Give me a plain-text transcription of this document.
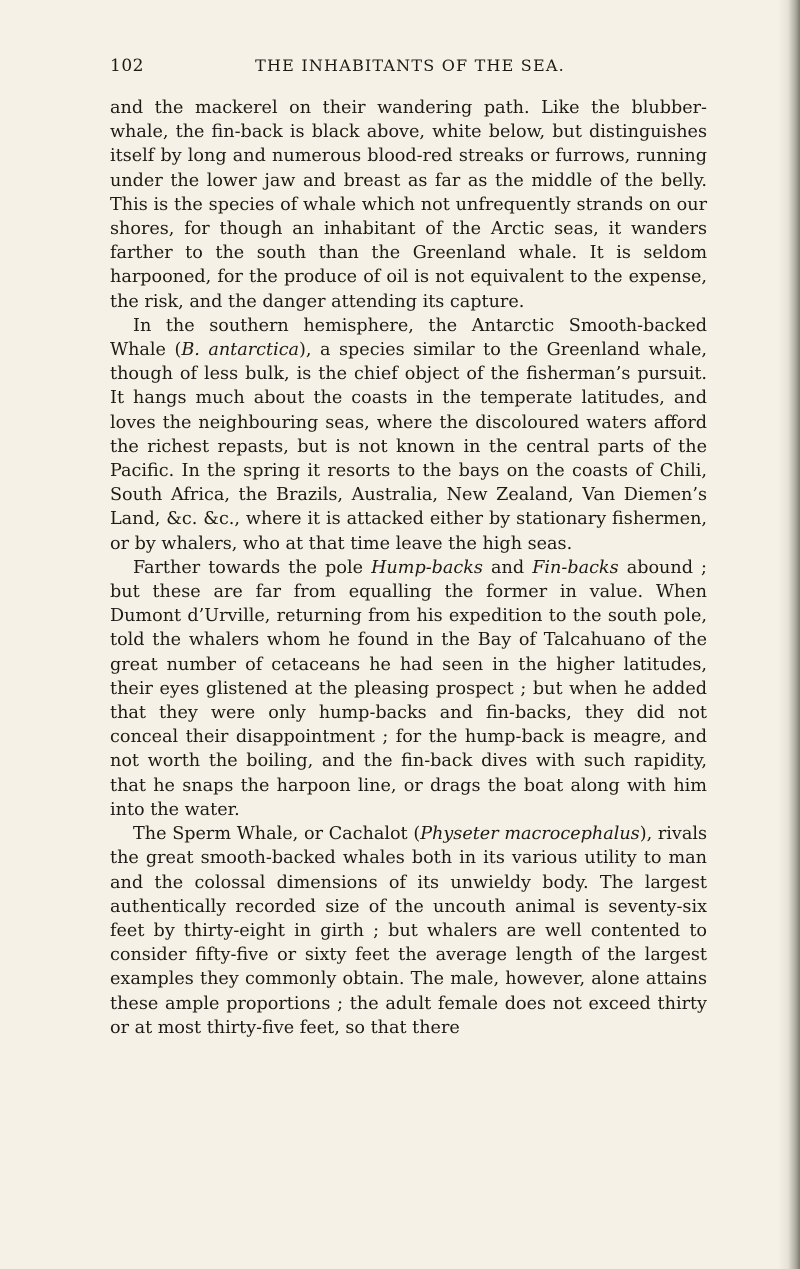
102	THE INHABITANTS OF THE SEA.

and the mackerel on their wandering path. Like the blubber-whale, the fin-back is black above, white below, but distinguishes itself by long and numerous blood-red streaks or furrows, running under the lower jaw and breast as far as the middle of the belly. This is the species of whale which not unfrequently strands on our shores, for though an inhabitant of the Arctic seas, it wanders farther to the south than the Greenland whale. It is seldom harpooned, for the produce of oil is not equivalent to the expense, the risk, and the danger attending its capture.

In the southern hemisphere, the Antarctic Smooth-backed Whale (B. antarctica), a species similar to the Greenland whale, though of less bulk, is the chief object of the fisherman’s pursuit. It hangs much about the coasts in the temperate latitudes, and loves the neighbouring seas, where the discoloured waters afford the richest repasts, but is not known in the central parts of the Pacific. In the spring it resorts to the bays on the coasts of Chili, South Africa, the Brazils, Australia, New Zealand, Van Diemen’s Land, &c. &c., where it is attacked either by stationary fishermen, or by whalers, who at that time leave the high seas.

Farther towards the pole Hump-backs and Fin-backs abound ; but these are far from equalling the former in value. When Dumont d’Urville, returning from his expedition to the south pole, told the whalers whom he found in the Bay of Talcahuano of the great number of cetaceans he had seen in the higher latitudes, their eyes glistened at the pleasing prospect ; but when he added that they were only hump-backs and fin-backs, they did not conceal their disappointment ; for the hump-back is meagre, and not worth the boiling, and the fin-back dives with such rapidity, that he snaps the harpoon line, or drags the boat along with him into the water.

The Sperm Whale, or Cachalot (Physeter macrocephalus), rivals the great smooth-backed whales both in its various utility to man and the colossal dimensions of its unwieldy body. The largest authentically recorded size of the uncouth animal is seventy-six feet by thirty-eight in girth ; but whalers are well contented to consider fifty-five or sixty feet the average length of the largest examples they commonly obtain. The male, however, alone attains these ample proportions ; the adult female does not exceed thirty or at most thirty-five feet, so that there
